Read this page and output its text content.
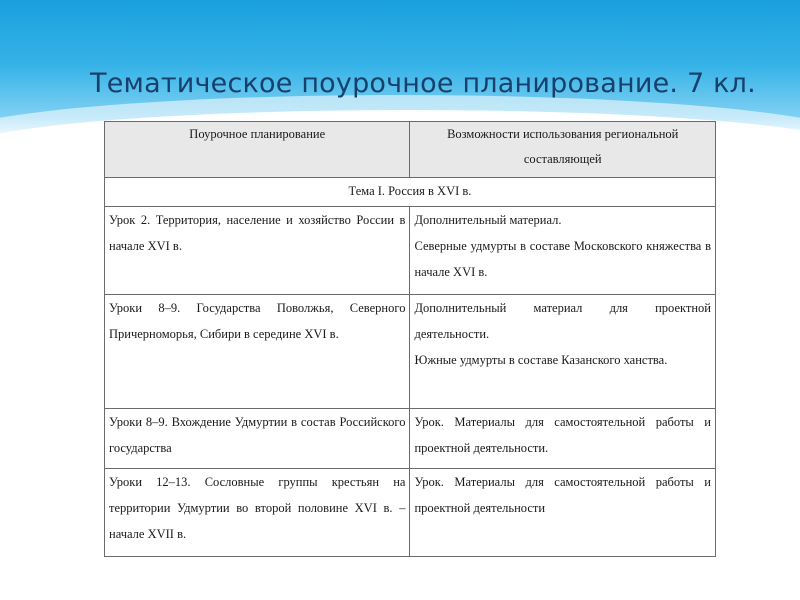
Тематическое поурочное планирование. 7 кл.
Поурочное планирование	Возможности использования региональной составляющей
Тема I. Россия в XVI в.	
Урок 2. Территория, население и хозяйство России в начале XVI в.	Дополнительный материал.
Северные удмурты в составе Московского княжества в начале XVI в.

Уроки 8–9. Государства Поволжья, Северного Причерноморья, Сибири в середине XVI в.	Дополнительный материал для проектной деятельности.
Южные удмурты в составе Казанского ханства.

Уроки 8–9. Вхождение Удмуртии в состав Российского государства	Урок. Материалы для самостоятельной работы и проектной деятельности.

Уроки 12–13. Сословные группы крестьян на территории Удмуртии во второй половине XVI в. – начале XVII в.	Урок. Материалы для самостоятельной работы и проектной деятельности
